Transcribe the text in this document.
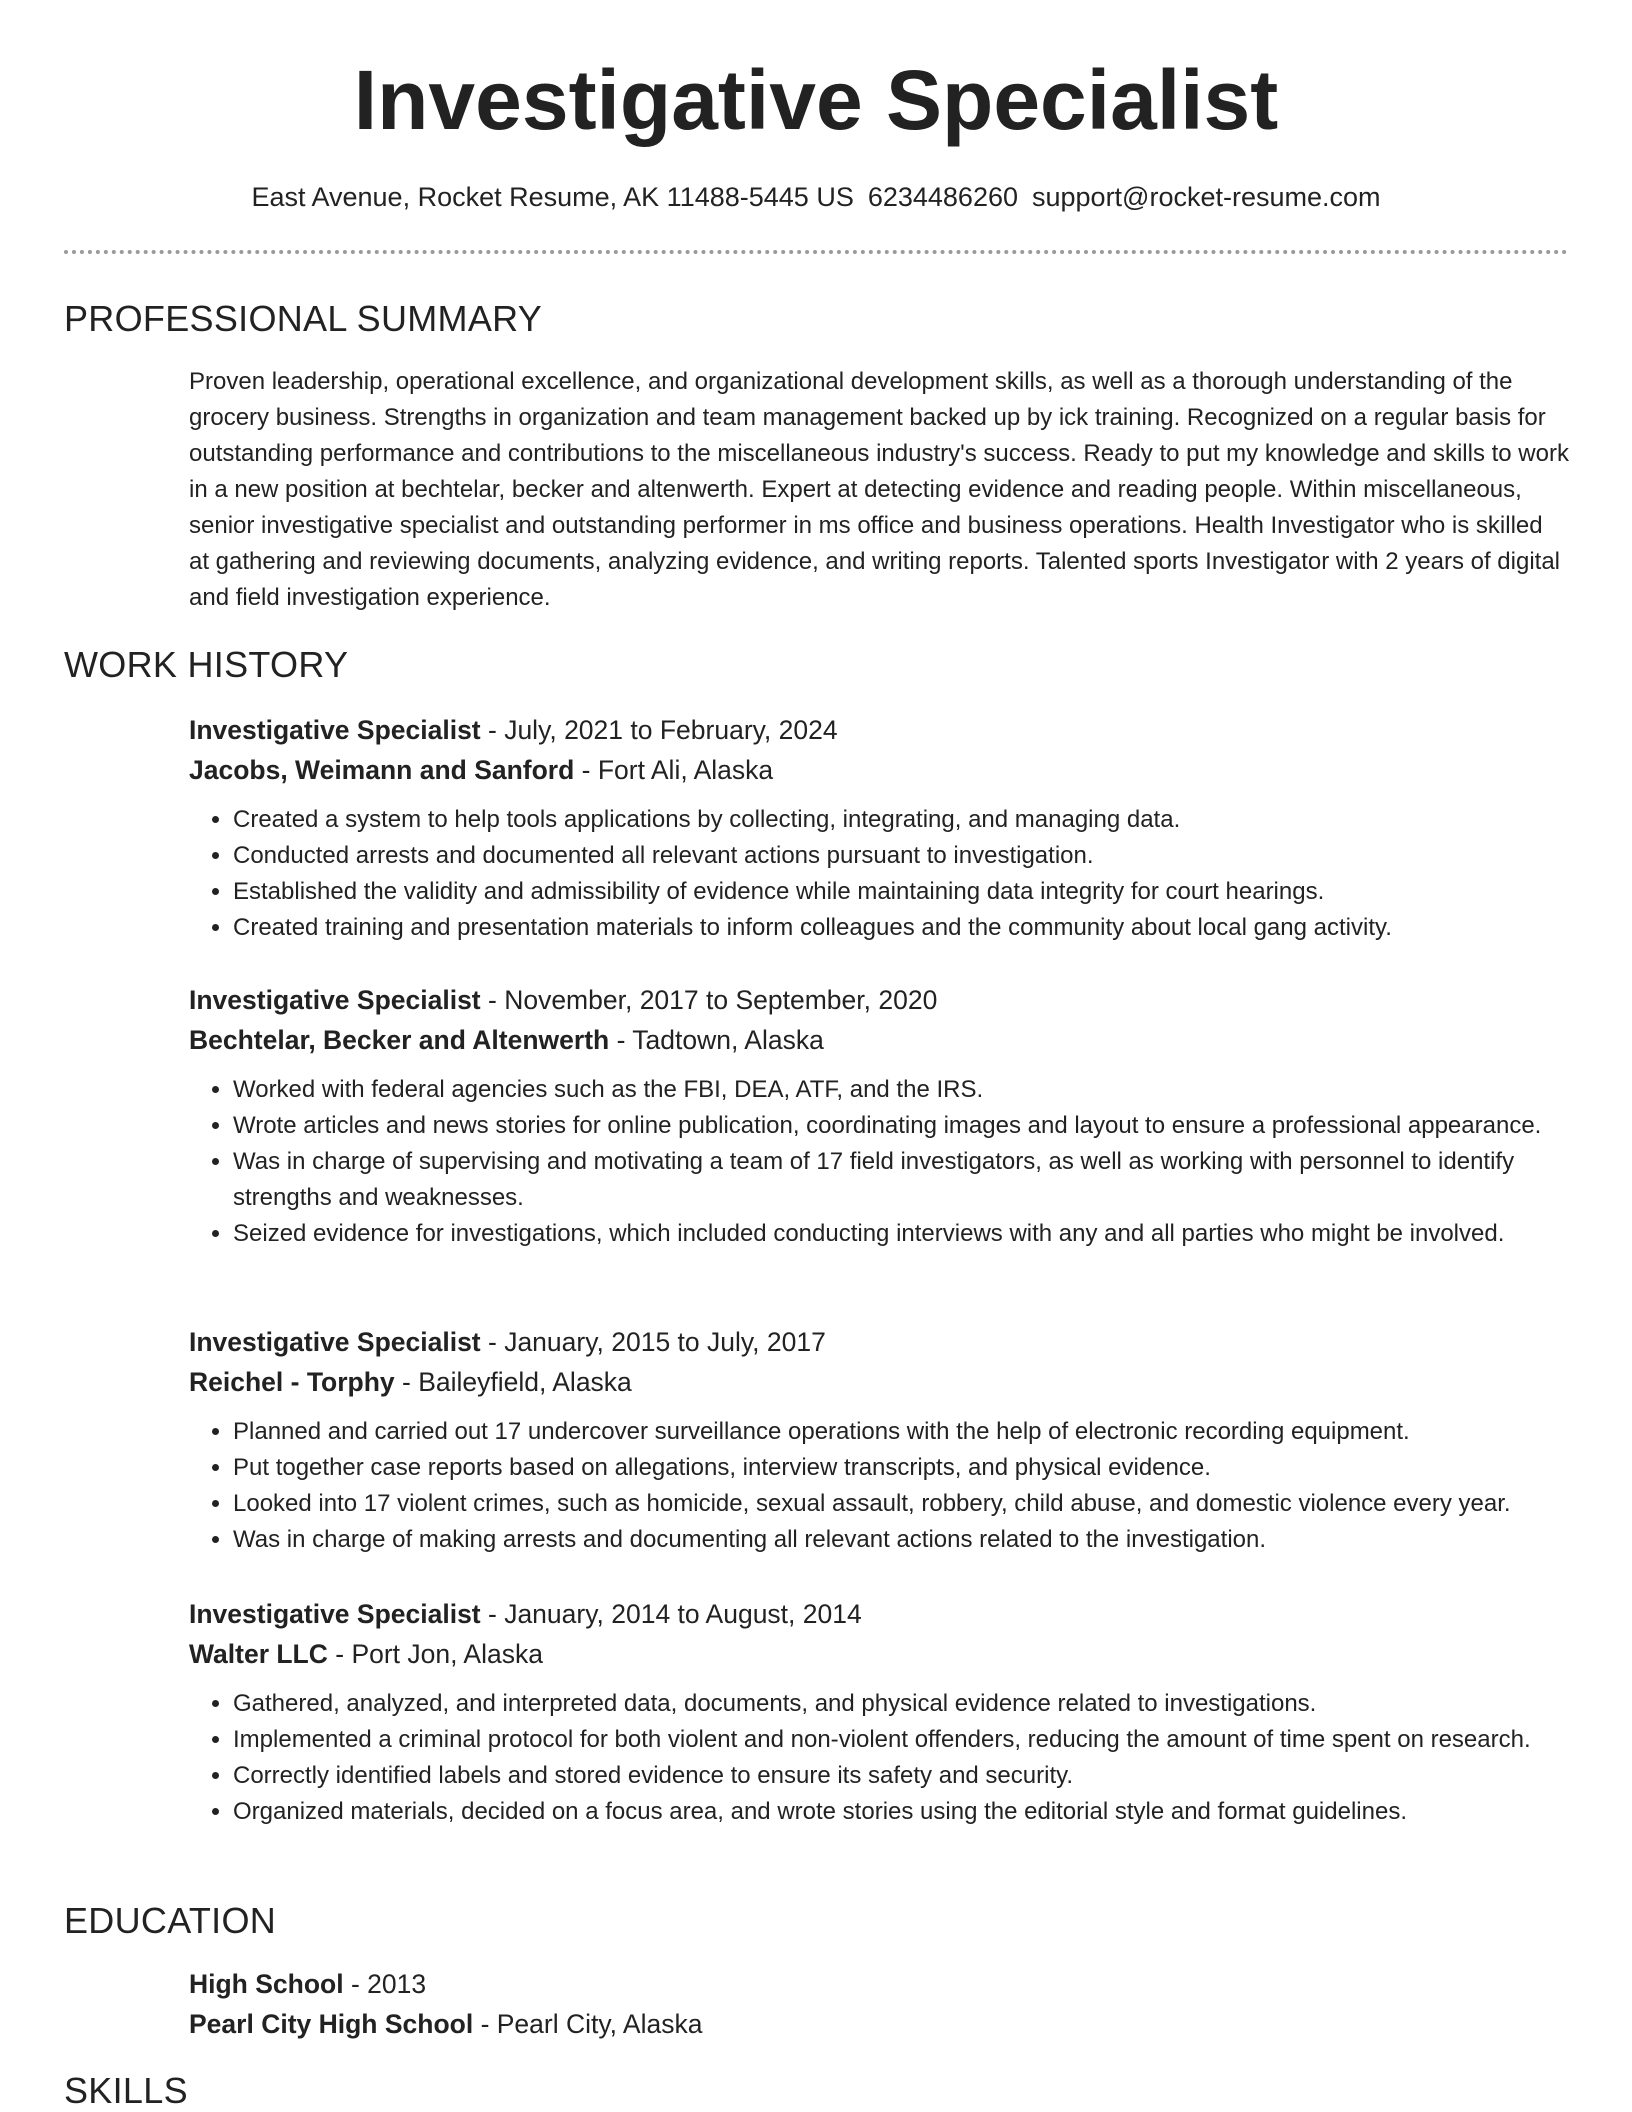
Investigative Specialist
East Avenue, Rocket Resume, AK 11488-5445 US 6234486260 support@rocket-resume.com
PROFESSIONAL SUMMARY
Proven leadership, operational excellence, and organizational development skills, as well as a thorough understanding of the grocery business. Strengths in organization and team management backed up by ick training. Recognized on a regular basis for outstanding performance and contributions to the miscellaneous industry's success. Ready to put my knowledge and skills to work in a new position at bechtelar, becker and altenwerth. Expert at detecting evidence and reading people. Within miscellaneous, senior investigative specialist and outstanding performer in ms office and business operations. Health Investigator who is skilled at gathering and reviewing documents, analyzing evidence, and writing reports. Talented sports Investigator with 2 years of digital and field investigation experience.
WORK HISTORY
Investigative Specialist - July, 2021 to February, 2024
Jacobs, Weimann and Sanford - Fort Ali, Alaska
• Created a system to help tools applications by collecting, integrating, and managing data.
• Conducted arrests and documented all relevant actions pursuant to investigation.
• Established the validity and admissibility of evidence while maintaining data integrity for court hearings.
• Created training and presentation materials to inform colleagues and the community about local gang activity.
Investigative Specialist - November, 2017 to September, 2020
Bechtelar, Becker and Altenwerth - Tadtown, Alaska
• Worked with federal agencies such as the FBI, DEA, ATF, and the IRS.
• Wrote articles and news stories for online publication, coordinating images and layout to ensure a professional appearance.
• Was in charge of supervising and motivating a team of 17 field investigators, as well as working with personnel to identify strengths and weaknesses.
• Seized evidence for investigations, which included conducting interviews with any and all parties who might be involved.
Investigative Specialist - January, 2015 to July, 2017
Reichel - Torphy - Baileyfield, Alaska
• Planned and carried out 17 undercover surveillance operations with the help of electronic recording equipment.
• Put together case reports based on allegations, interview transcripts, and physical evidence.
• Looked into 17 violent crimes, such as homicide, sexual assault, robbery, child abuse, and domestic violence every year.
• Was in charge of making arrests and documenting all relevant actions related to the investigation.
Investigative Specialist - January, 2014 to August, 2014
Walter LLC - Port Jon, Alaska
• Gathered, analyzed, and interpreted data, documents, and physical evidence related to investigations.
• Implemented a criminal protocol for both violent and non-violent offenders, reducing the amount of time spent on research.
• Correctly identified labels and stored evidence to ensure its safety and security.
• Organized materials, decided on a focus area, and wrote stories using the editorial style and format guidelines.
EDUCATION
High School - 2013
Pearl City High School - Pearl City, Alaska
SKILLS
